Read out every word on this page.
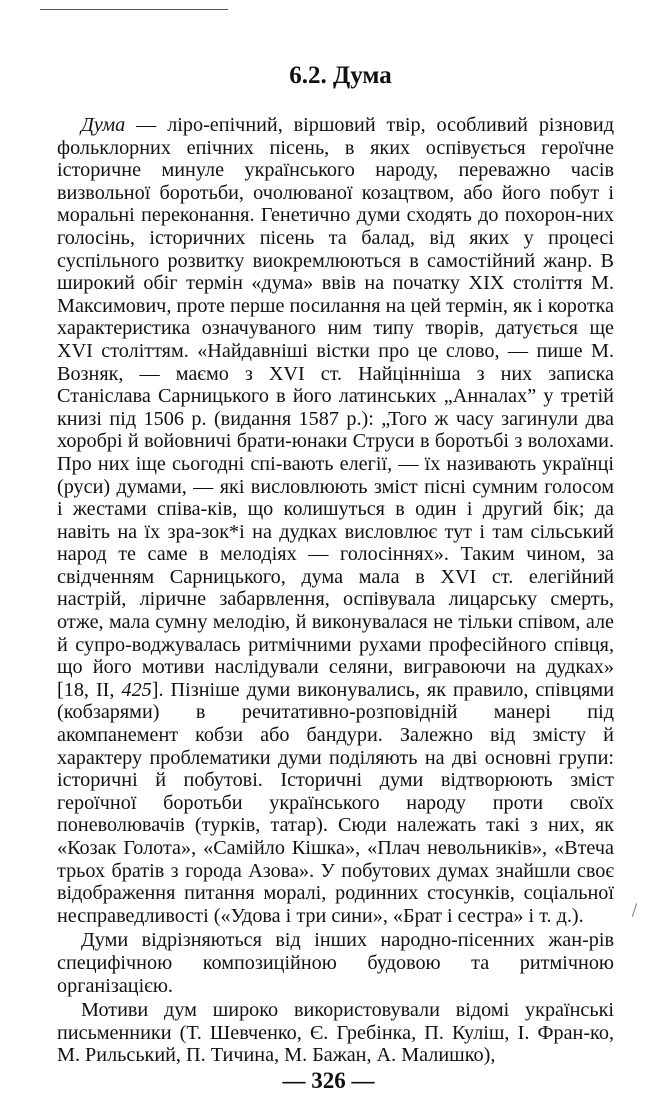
6.2. Дума

Дума — ліро-епічний, віршовий твір, особливий різновид фольклорних епічних пісень, в яких оспівується героїчне історичне минуле українського народу, переважно часів визвольної боротьби, очолюваної козацтвом, або його побут і моральні переконання. Генетично думи сходять до похорон-них голосінь, історичних пісень та балад, від яких у процесі суспільного розвитку виокремлюються в самостійний жанр. В широкий обіг термін «дума» ввів на початку XIX століття М. Максимович, проте перше посилання на цей термін, як і коротка характеристика означуваного ним типу творів, датується ще XVI століттям. «Найдавніші вістки про це слово, — пише М. Возняк, — маємо з XVI ст. Найцінніша з них записка Станіслава Сарницького в його латинських „Анналах” у третій книзі під 1506 р. (видання 1587 р.): „Того ж часу загинули два хоробрі й войовничі брати-юнаки Струси в боротьбі з волохами. Про них іще сьогодні спі-вають елегії, — їх називають українці (руси) думами, — які висловлюють зміст пісні сумним голосом і жестами співа-ків, що колишуться в один і другий бік; да навіть на їх зра-зок*і на дудках висловлює тут і там сільський народ те саме в мелодіях — голосіннях». Таким чином, за свідченням Сарницького, дума мала в XVI ст. елегійний настрій, ліричне забарвлення, оспівувала лицарську смерть, отже, мала сумну мелодію, й виконувалася не тільки співом, але й супро-воджувалась ритмічними рухами професійного співця, що його мотиви наслідували селяни, вигравоючи на дудках» [18, II, 425]. Пізніше думи виконувались, як правило, співцями (кобзарями) в речитативно-розповідній манері під акомпанемент кобзи або бандури. Залежно від змісту й характеру проблематики думи поділяють на дві основні групи: історичні й побутові. Історичні думи відтворюють зміст героїчної боротьби українського народу проти своїх поневолювачів (турків, татар). Сюди належать такі з них, як «Козак Голота», «Самійло Кішка», «Плач невольників», «Втеча трьох братів з города Азова». У побутових думах знайшли своє відображення питання моралі, родинних стосунків, соціальної несправедливості («Удова і три сини», «Брат і сестра» і т. д.).

Думи відрізняються від інших народно-пісенних жан-рів специфічною композиційною будовою та ритмічною організацією.

Мотиви дум широко використовували відомі українські письменники (Т. Шевченко, Є. Гребінка, П. Куліш, І. Фран-ко, М. Рильський, П. Тичина, М. Бажан, А. Малишко),

— 326 —
